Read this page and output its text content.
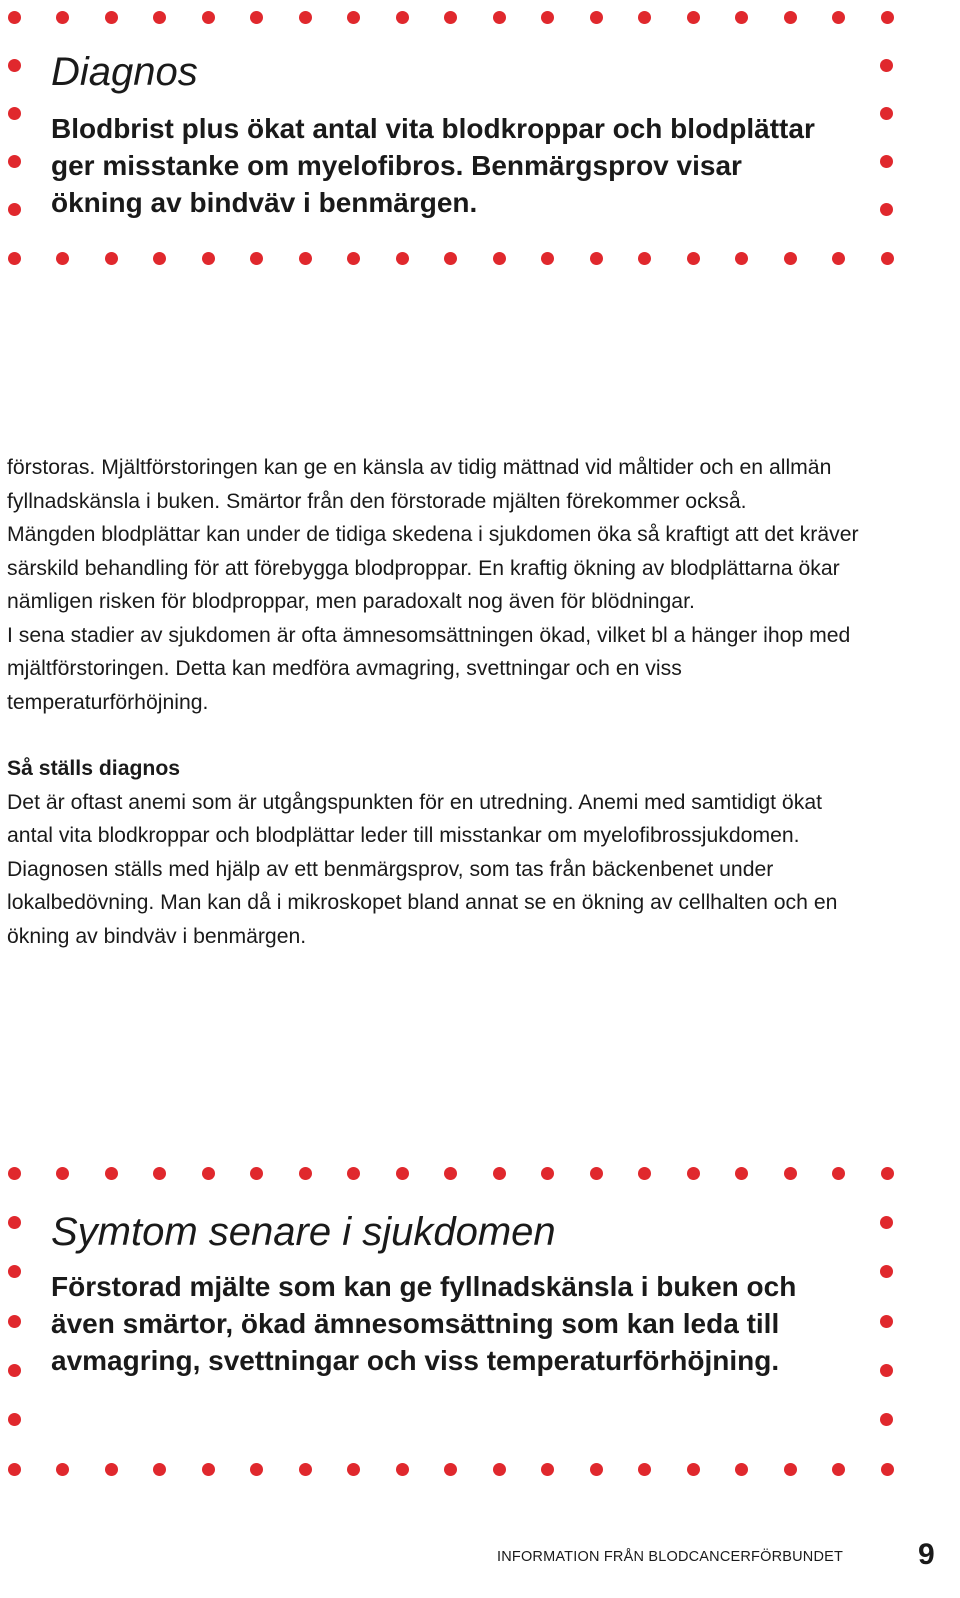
Diagnos

Blodbrist plus ökat antal vita blodkroppar och blodplättar ger misstanke om myelofibros. Benmärgsprov visar ökning av bindväv i benmärgen.

förstoras. Mjältförstoringen kan ge en känsla av tidig mättnad vid måltider och en allmän fyllnadskänsla i buken. Smärtor från den förstorade mjälten förekommer också.

Mängden blodplättar kan under de tidiga skedena i sjukdomen öka så kraftigt att det kräver särskild behandling för att förebygga blodproppar. En kraftig ökning av blodplättarna ökar nämligen risken för blodproppar, men paradoxalt nog även för blödningar.

I sena stadier av sjukdomen är ofta ämnesomsättningen ökad, vilket bl a hänger ihop med mjältförstoringen. Detta kan medföra avmagring, svettningar och en viss temperaturförhöjning.

Så ställs diagnos

Det är oftast anemi som är utgångspunkten för en utredning. Anemi med samtidigt ökat antal vita blodkroppar och blodplättar leder till misstankar om myelofibrossjukdomen. Diagnosen ställs med hjälp av ett benmärgsprov, som tas från bäckenbenet under lokalbedövning. Man kan då i mikroskopet bland annat se en ökning av cellhalten och en ökning av bindväv i benmärgen.

Symtom senare i sjukdomen

Förstorad mjälte som kan ge fyllnadskänsla i buken och även smärtor, ökad ämnesomsättning som kan leda till avmagring, svettningar och viss temperaturförhöjning.

INFORMATION FRÅN BLODCANCERFÖRBUNDET 9
